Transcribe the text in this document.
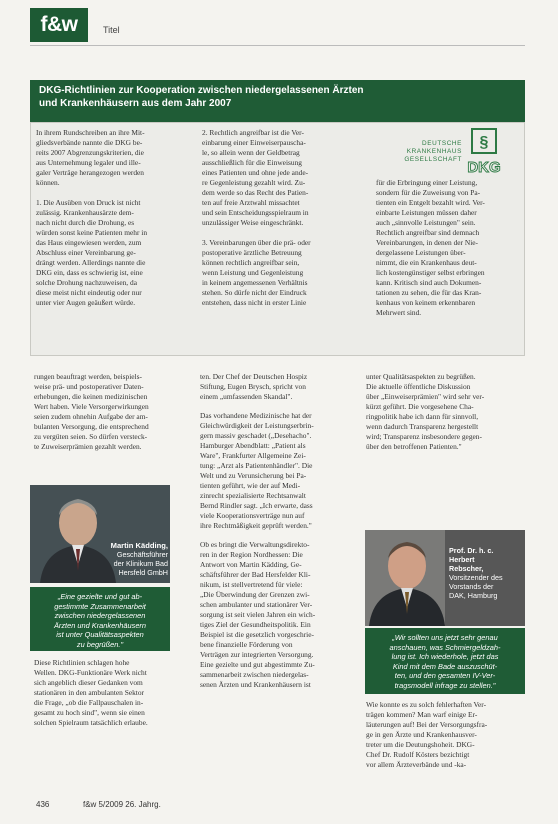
f&w	Titel
DKG-Richtlinien zur Kooperation zwischen niedergelassenen Ärzten
und Krankenhäusern aus dem Jahr 2007
In ihrem Rundschreiben an ihre Mit-
gliedsverbände nannte die DKG be-
reits 2007 Abgrenzungskriterien, die
aus Unternehmung legaler und ille-
galer Verträge herangezogen werden
können.
1. Die Ausüben von Druck ist nicht
zulässig. Krankenhausärzte dem-
nach nicht durch die Drohung, es
würden sonst keine Patienten mehr in
das Haus eingewiesen werden, zum
Abschluss einer Vereinbarung ge-
drängt werden. Allerdings nannte die
DKG ein, dass es schwierig ist, eine
solche Drohung nachzuweisen, da
diese meist nicht eindeutig oder nur
unter vier Augen geäußert würde.
2. Rechtlich angreifbar ist die Ver-
einbarung einer Einweiserpauscha-
le, so allein wenn der Geldbetrag
ausschließlich für die Einweisung
eines Patienten und ohne jede ande-
re Gegenleistung gezahlt wird. Zu-
dem werde so das Recht des Patien-
ten auf freie Arztwahl missachtet
und sein Entscheidungsspielraum in
unzulässiger Weise eingeschränkt.
3. Vereinbarungen über die prä- oder
postoperative ärztliche Betreuung
können rechtlich angreifbar sein,
wenn Leistung und Gegenleistung
in keinem angemessenen Verhältnis
stehen. So dürfe nicht der Eindruck
entstehen, dass nicht in erster Linie
DEUTSCHE
KRANKENHAUS
GESELLSCHAFT
§
DKG
für die Erbringung einer Leistung,
sondern für die Zuweisung von Pa-
tienten ein Entgelt bezahlt wird. Ver-
einbarte Leistungen müssen daher
auch „sinnvolle Leistungen" sein.
Rechtlich angreifbar sind demnach
Vereinbarungen, in denen der Nie-
dergelassene Leistungen über-
nimmt, die ein Krankenhaus deut-
lich kostengünstiger selbst erbringen
kann. Kritisch sind auch Dokumen-
tationen zu sehen, die für das Kran-
kenhaus von keinem erkennbaren
Mehrwert sind.
rungen beauftragt werden, beispiels-
weise prä- und postoperativer Daten-
erhebungen, die keinen medizinischen
Wert haben. Viele Versorgerwirkungen
seien zudem ohnehin Aufgabe der am-
bulanten Versorgung, die entsprechend
zu vergüten seien. So dürfen versteck-
te Zuweiserprämien gezahlt werden.
Martin Kädding,
Geschäftsführer
der Klinikum Bad
Hersfeld GmbH
„Eine gezielte und gut ab-
gestimmte Zusammenarbeit
zwischen niedergelassenen
Ärzten und Krankenhäusern
ist unter Qualitätsaspekten
zu begrüßen."
Diese Richtlinien schlagen hohe
Wellen. DKG-Funktionäre Werk nicht
sich angeblich dieser Gedanken vom
stationären in den ambulanten Sektor
die Frage, „ob die Fallpauschalen in-
gesamt zu hoch sind", wenn sie einen
solchen Spielraum tatsächlich erlaube.
ten. Der Chef der Deutschen Hospiz
Stiftung, Eugen Brysch, spricht von
einem „umfassenden Skandal".
Das vorhandene Medizinische hat der
Gleichwürdigkeit der Leistungserbrin-
gern massiv geschadet („Desehacho".
Hamburger Abendblatt: „Patient als
Ware", Frankfurter Allgemeine Zei-
tung: „Arzt als Patientenhändler". Die
Welt und zu Verunsicherung bei Pa-
tienten geführt, wie der auf Medi-
zinrecht spezialisierte Rechtsanwalt
Bernd Rindler sagt. „Ich erwarte, dass
viele Kooperationsverträge nun auf
ihre Rechtmäßigkeit geprüft werden."
Ob es bringt die Verwaltungsdirekto-
ren in der Region Nordhessen: Die
Antwort von Martin Kädding, Ge-
schäftsführer der Bad Hersfelder Kli-
nikum, ist stellvertretend für viele:
„Die Überwindung der Grenzen zwi-
schen ambulanter und stationärer Ver-
sorgung ist seit vielen Jahren ein wich-
tiges Ziel der Gesundheitspolitik. Ein
Beispiel ist die gesetzlich vorgeschrie-
bene finanzielle Förderung von
Verträgen zur integrierten Versorgung.
Eine gezielte und gut abgestimmte Zu-
sammenarbeit zwischen niedergelas-
senen Ärzten und Krankenhäusern ist
unter Qualitätsaspekten zu begrüßen.
Die aktuelle öffentliche Diskussion
über „Einweiserprämien" wird sehr ver-
kürzt geführt. Die vorgesehene Cha-
ringpolitik habe ich dann für sinnvoll,
wenn dadurch Transparenz hergestellt
wird; Transparenz insbesondere gegen-
über den betroffenen Patienten."
Prof. Dr. h. c.
Herbert
Rebscher,
Vorsitzender des
Vorstands der
DAK, Hamburg
„Wir sollten uns jetzt sehr genau
anschauen, was Schmiergeldzah-
lung ist. Ich wiederhole, jetzt das
Kind mit dem Bade auszuschüt-
ten, und den gesamten IV-Ver-
tragsmodell infrage zu stellen."
Wie konnte es zu solch fehlerhaften Ver-
trägen kommen? Man warf einige Er-
läuterungen auf! Bei der Versorgungsfra-
ge in gen Ärzte und Krankenhausver-
treter um die Deutungshoheit. DKG-
Chef Dr. Rudolf Kösters bezichtigt
vor allem Ärzteverbände und -ka-
436	f&w 5/2009 26. Jahrg.
